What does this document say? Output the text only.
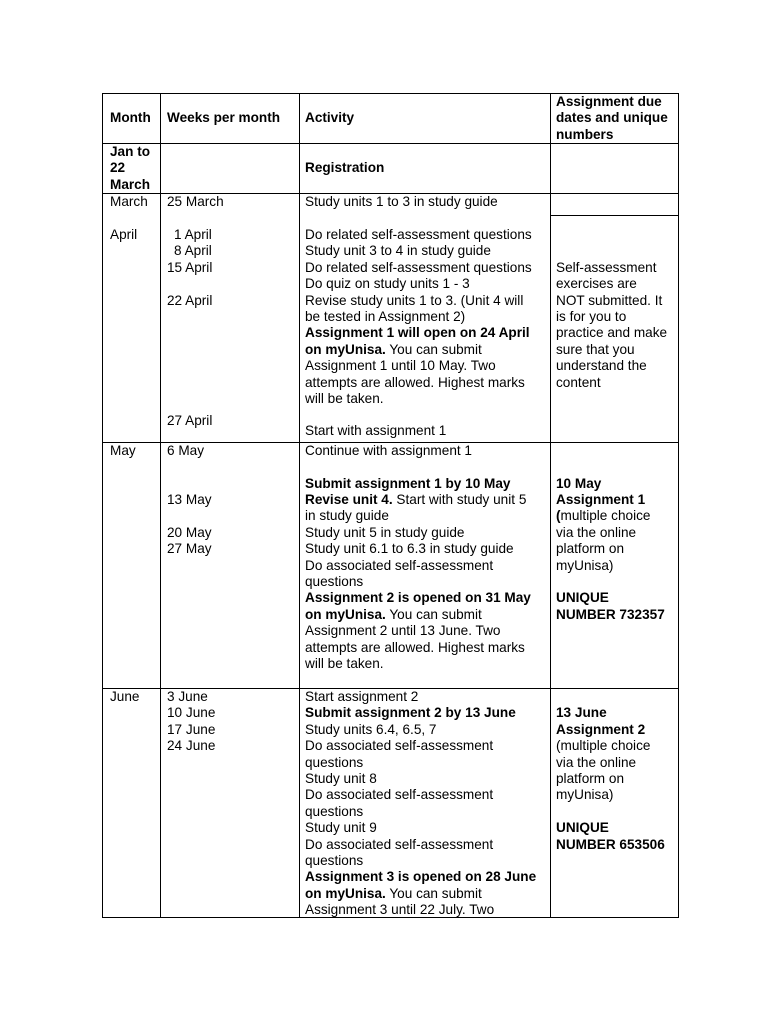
Month Weeks per month Activity
Assignment due
dates and unique
numbers
Jan to
22
March
Registration
March 25 March	Study units 1 to 3 in study guide
April	1 April
8 April
15 April
22 April
27 April
Do related self-assessment questions
Study unit 3 to 4 in study guide
Do related self-assessment questions
Do quiz on study units 1 - 3
Revise study units 1 to 3. (Unit 4 will
be tested in Assignment 2)
Assignment 1 will open on 24 April
on myUnisa. You can submit
Assignment 1 until 10 May. Two
attempts are allowed. Highest marks
will be taken.
Start with assignment 1
Self-assessment
exercises are
NOT submitted. It
is for you to
practice and make
sure that you
understand the
content
May 6 May
13 May
20 May
27 May
Continue with assignment 1
Submit assignment 1 by 10 May
Revise unit 4. Start with study unit 5
in study guide
Study unit 5 in study guide
Study unit 6.1 to 6.3 in study guide
Do associated self-assessment
questions
Assignment 2 is opened on 31 May
on myUnisa. You can submit
Assignment 2 until 13 June. Two
attempts are allowed. Highest marks
will be taken.
10 May
Assignment 1
(multiple choice
via the online
platform on
myUnisa)
UNIQUE
NUMBER 732357
June 3 June
10 June
17 June
24 June
Start assignment 2
Submit assignment 2 by 13 June
Study units 6.4, 6.5, 7
Do associated self-assessment
questions
Study unit 8
Do associated self-assessment
questions
Study unit 9
Do associated self-assessment
questions
Assignment 3 is opened on 28 June
on myUnisa. You can submit
Assignment 3 until 22 July. Two
13 June
Assignment 2
(multiple choice
via the online
platform on
myUnisa)
UNIQUE
NUMBER 653506
